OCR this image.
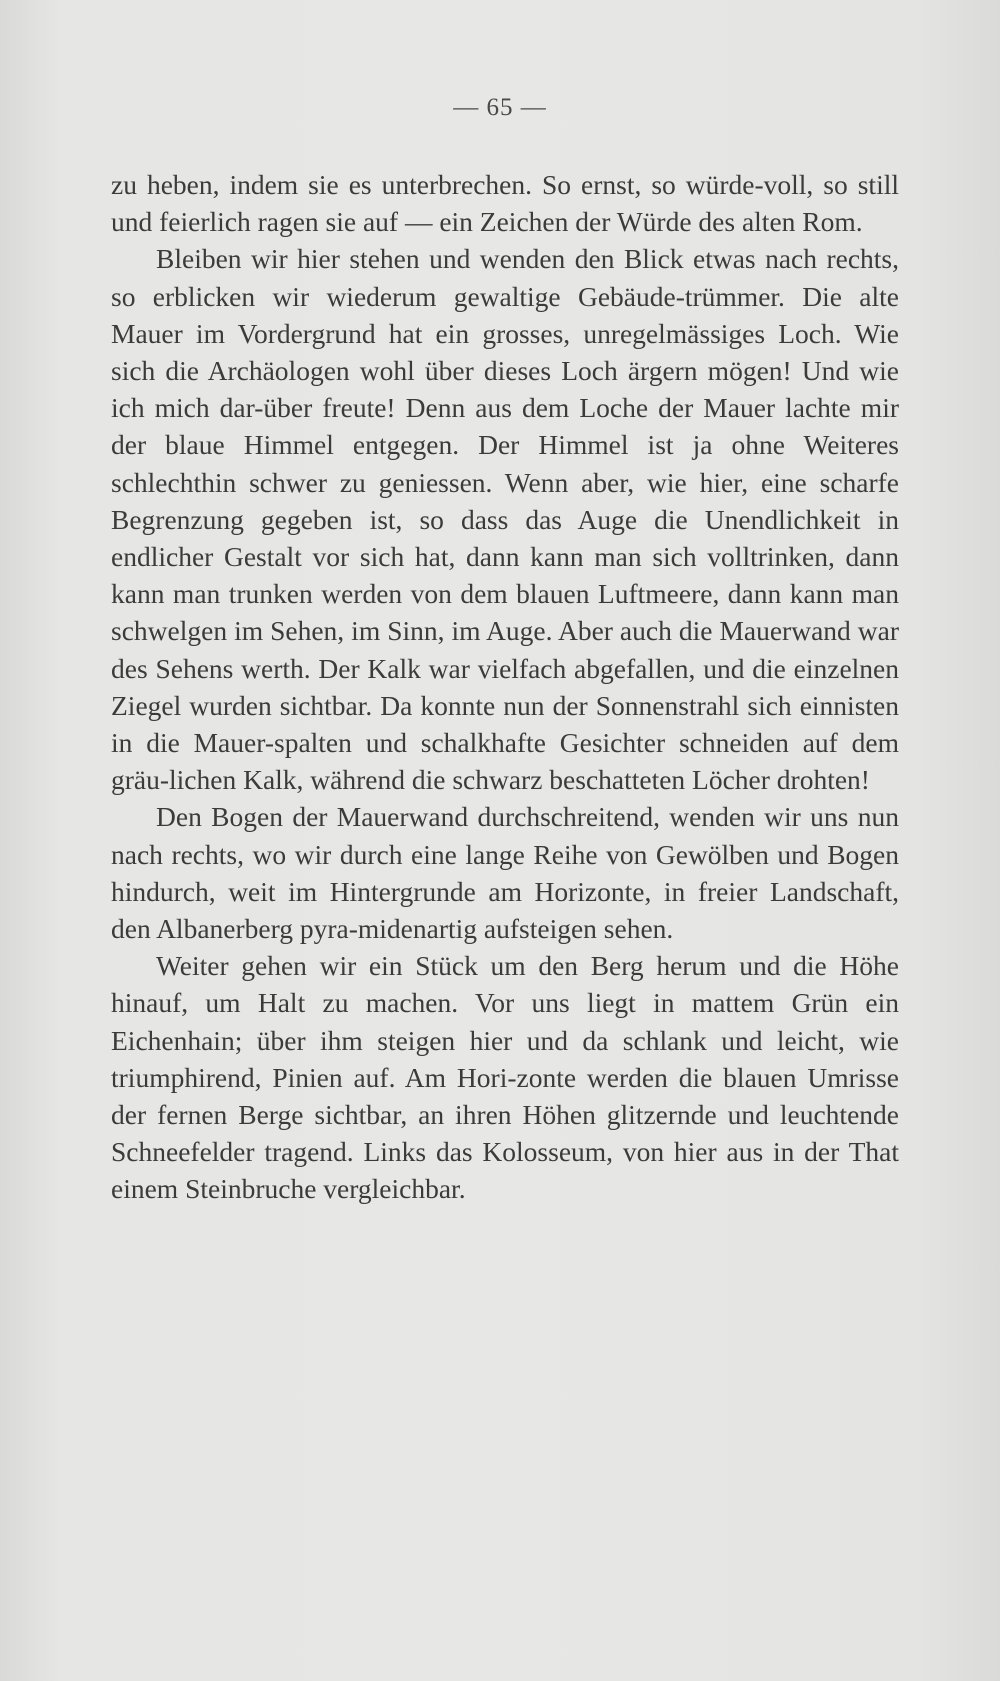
— 65 —

zu heben, indem sie es unterbrechen. So ernst, so würde-voll, so still und feierlich ragen sie auf — ein Zeichen der Würde des alten Rom.

Bleiben wir hier stehen und wenden den Blick etwas nach rechts, so erblicken wir wiederum gewaltige Gebäude-trümmer. Die alte Mauer im Vordergrund hat ein grosses, unregelmässiges Loch. Wie sich die Archäologen wohl über dieses Loch ärgern mögen! Und wie ich mich dar-über freute! Denn aus dem Loche der Mauer lachte mir der blaue Himmel entgegen. Der Himmel ist ja ohne Weiteres schlechthin schwer zu geniessen. Wenn aber, wie hier, eine scharfe Begrenzung gegeben ist, so dass das Auge die Unendlichkeit in endlicher Gestalt vor sich hat, dann kann man sich volltrinken, dann kann man trunken werden von dem blauen Luftmeere, dann kann man schwelgen im Sehen, im Sinn, im Auge. Aber auch die Mauerwand war des Sehens werth. Der Kalk war vielfach abgefallen, und die einzelnen Ziegel wurden sichtbar. Da konnte nun der Sonnenstrahl sich einnisten in die Mauer-spalten und schalkhafte Gesichter schneiden auf dem gräu-lichen Kalk, während die schwarz beschatteten Löcher drohten!

Den Bogen der Mauerwand durchschreitend, wenden wir uns nun nach rechts, wo wir durch eine lange Reihe von Gewölben und Bogen hindurch, weit im Hintergrunde am Horizonte, in freier Landschaft, den Albanerberg pyra-midenartig aufsteigen sehen.

Weiter gehen wir ein Stück um den Berg herum und die Höhe hinauf, um Halt zu machen. Vor uns liegt in mattem Grün ein Eichenhain; über ihm steigen hier und da schlank und leicht, wie triumphirend, Pinien auf. Am Hori-zonte werden die blauen Umrisse der fernen Berge sichtbar, an ihren Höhen glitzernde und leuchtende Schneefelder tragend. Links das Kolosseum, von hier aus in der That einem Steinbruche vergleichbar.
